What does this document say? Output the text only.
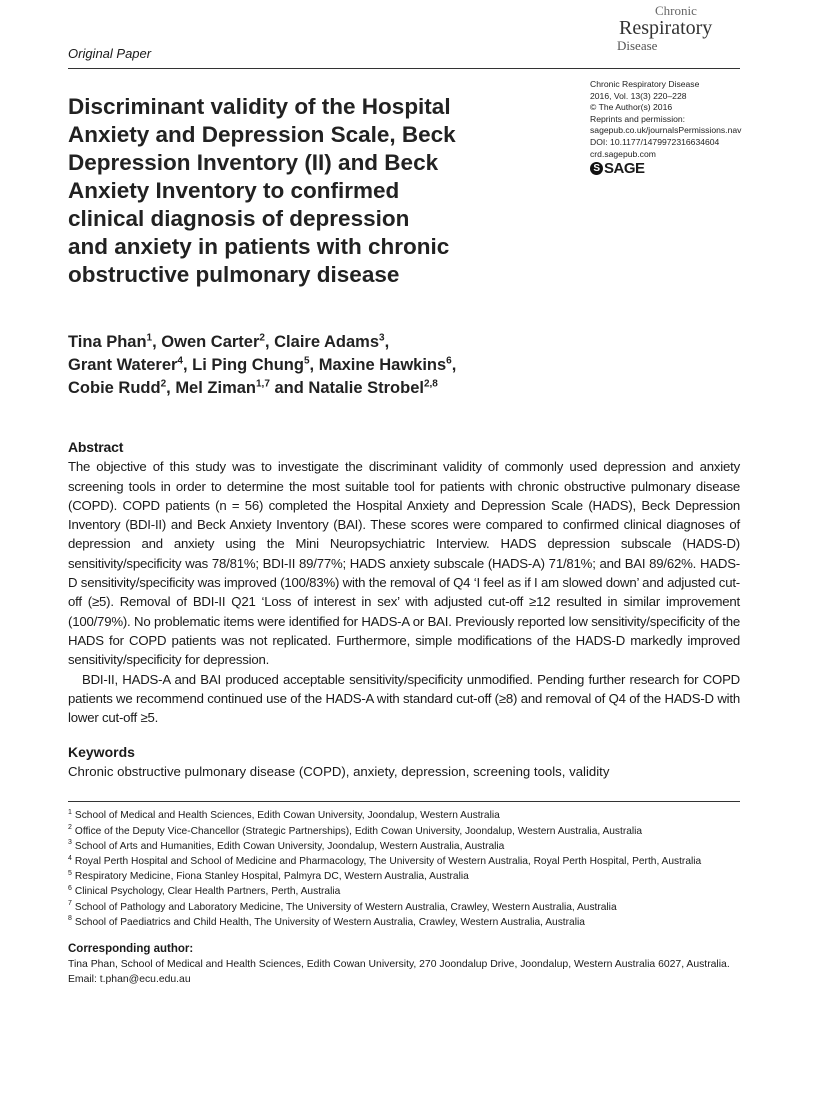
Original Paper
Chronic
Respiratory
Disease
Chronic Respiratory Disease
2016, Vol. 13(3) 220–228
© The Author(s) 2016
Reprints and permission:
sagepub.co.uk/journalsPermissions.nav
DOI: 10.1177/1479972316634604
crd.sagepub.com
S SAGE
Discriminant validity of the Hospital
Anxiety and Depression Scale, Beck
Depression Inventory (II) and Beck
Anxiety Inventory to confirmed
clinical diagnosis of depression
and anxiety in patients with chronic
obstructive pulmonary disease
Tina Phan$^1$, Owen Carter$^2$, Claire Adams$^3$,
Grant Waterer$^4$, Li Ping Chung$^5$, Maxine Hawkins$^6$,
Cobie Rudd$^2$, Mel Ziman$^{1,7}$ and Natalie Strobel$^{2,8}$
Abstract

The objective of this study was to investigate the discriminant validity of commonly used depression and anxiety screening tools in order to determine the most suitable tool for patients with chronic obstructive pulmonary disease (COPD). COPD patients (n = 56) completed the Hospital Anxiety and Depression Scale (HADS), Beck Depression Inventory (BDI-II) and Beck Anxiety Inventory (BAI). These scores were compared to confirmed clinical diagnoses of depression and anxiety using the Mini Neuropsychiatric Interview. HADS depression subscale (HADS-D) sensitivity/specificity was 78/81%; BDI-II 89/77%; HADS anxiety subscale (HADS-A) 71/81%; and BAI 89/62%. HADS-D sensitivity/specificity was improved (100/83%) with the removal of Q4 ‘I feel as if I am slowed down’ and adjusted cut-off (≥5). Removal of BDI-II Q21 ‘Loss of interest in sex’ with adjusted cut-off ≥12 resulted in similar improvement (100/79%). No problematic items were identified for HADS-A or BAI. Previously reported low sensitivity/specificity of the HADS for COPD patients was not replicated. Furthermore, simple modifications of the HADS-D markedly improved sensitivity/specificity for depression.

BDI-II, HADS-A and BAI produced acceptable sensitivity/specificity unmodified. Pending further research for COPD patients we recommend continued use of the HADS-A with standard cut-off (≥8) and removal of Q4 of the HADS-D with lower cut-off ≥5.

Keywords
Chronic obstructive pulmonary disease (COPD), anxiety, depression, screening tools, validity
$^1$ School of Medical and Health Sciences, Edith Cowan University, Joondalup, Western Australia
$^2$ Office of the Deputy Vice-Chancellor (Strategic Partnerships), Edith Cowan University, Joondalup, Western Australia, Australia
$^3$ School of Arts and Humanities, Edith Cowan University, Joondalup, Western Australia, Australia
$^4$ Royal Perth Hospital and School of Medicine and Pharmacology, The University of Western Australia, Royal Perth Hospital, Perth, Australia
$^5$ Respiratory Medicine, Fiona Stanley Hospital, Palmyra DC, Western Australia, Australia
$^6$ Clinical Psychology, Clear Health Partners, Perth, Australia
$^7$ School of Pathology and Laboratory Medicine, The University of Western Australia, Crawley, Western Australia, Australia
$^8$ School of Paediatrics and Child Health, The University of Western Australia, Crawley, Western Australia, Australia
Corresponding author:
Tina Phan, School of Medical and Health Sciences, Edith Cowan University, 270 Joondalup Drive, Joondalup, Western Australia 6027, Australia.
Email: t.phan@ecu.edu.au
